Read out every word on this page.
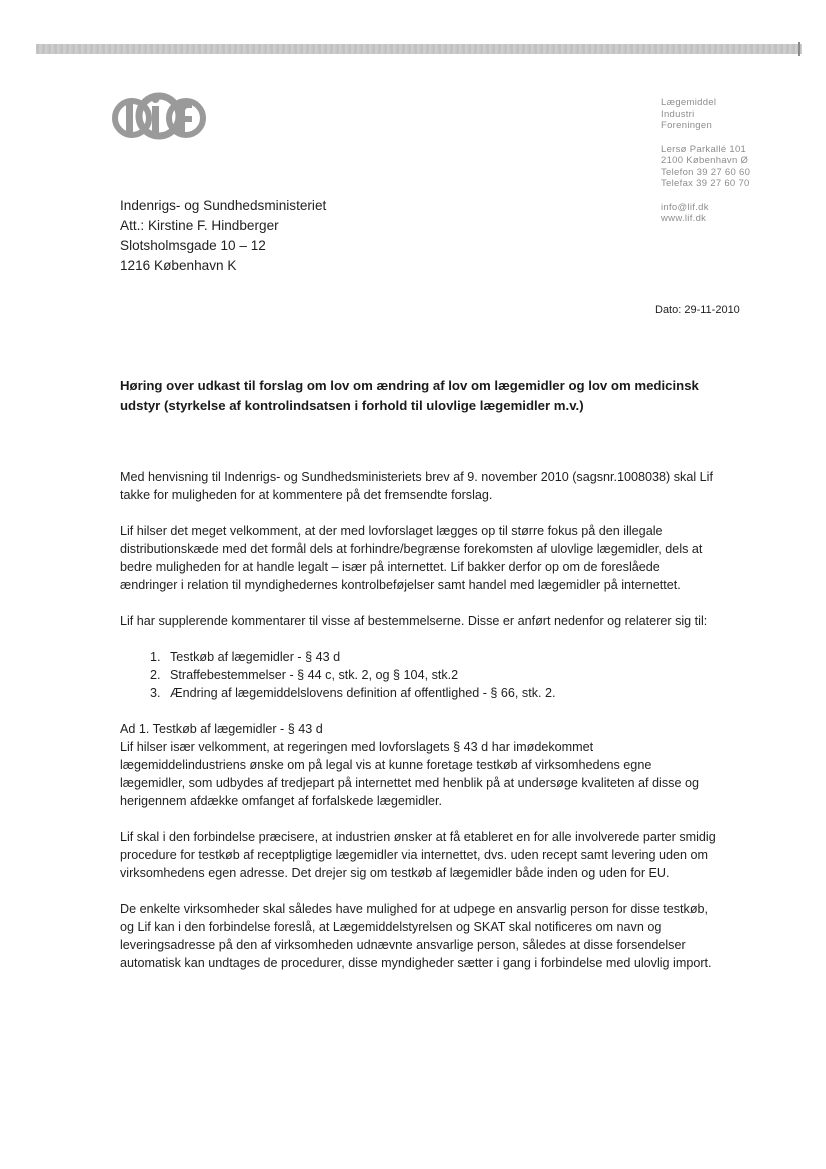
Lægemiddel
Industri
Foreningen
Lersø Parkallé 101
2100 København Ø
Telefon 39 27 60 60
Telefax 39 27 60 70
info@lif.dk
www.lif.dk
Indenrigs- og Sundhedsministeriet
Att.: Kirstine F. Hindberger
Slotsholmsgade 10 – 12
1216 København K
Dato: 29-11-2010
Høring over udkast til forslag om lov om ændring af lov om lægemidler og lov om medicinsk udstyr (styrkelse af kontrolindsatsen i forhold til ulovlige lægemidler m.v.)

Med henvisning til Indenrigs- og Sundhedsministeriets brev af 9. november 2010 (sagsnr.1008038) skal Lif takke for muligheden for at kommentere på det fremsendte forslag.

Lif hilser det meget velkomment, at der med lovforslaget lægges op til større fokus på den illegale distributionskæde med det formål dels at forhindre/begrænse forekomsten af ulovlige lægemidler, dels at bedre muligheden for at handle legalt – især på internettet. Lif bakker derfor op om de foreslåede ændringer i relation til myndighedernes kontrolbeføjelser samt handel med lægemidler på internettet.

Lif har supplerende kommentarer til visse af bestemmelserne. Disse er anført nedenfor og relaterer sig til:

1. Testkøb af lægemidler - § 43 d
2. Straffebestemmelser - § 44 c, stk. 2, og § 104, stk.2
3. Ændring af lægemiddelslovens definition af offentlighed - § 66, stk. 2.

Ad 1. Testkøb af lægemidler - § 43 d
Lif hilser især velkomment, at regeringen med lovforslagets § 43 d har imødekommet lægemiddelindustriens ønske om på legal vis at kunne foretage testkøb af virksomhedens egne lægemidler, som udbydes af tredjepart på internettet med henblik på at undersøge kvaliteten af disse og herigennem afdække omfanget af forfalskede lægemidler.

Lif skal i den forbindelse præcisere, at industrien ønsker at få etableret en for alle involverede parter smidig procedure for testkøb af receptpligtige lægemidler via internettet, dvs. uden recept samt levering uden om virksomhedens egen adresse. Det drejer sig om testkøb af lægemidler både inden og uden for EU.

De enkelte virksomheder skal således have mulighed for at udpege en ansvarlig person for disse testkøb, og Lif kan i den forbindelse foreslå, at Lægemiddelstyrelsen og SKAT skal notificeres om navn og leveringsadresse på den af virksomheden udnævnte ansvarlige person, således at disse forsendelser automatisk kan undtages de procedurer, disse myndigheder sætter i gang i forbindelse med ulovlig import.
